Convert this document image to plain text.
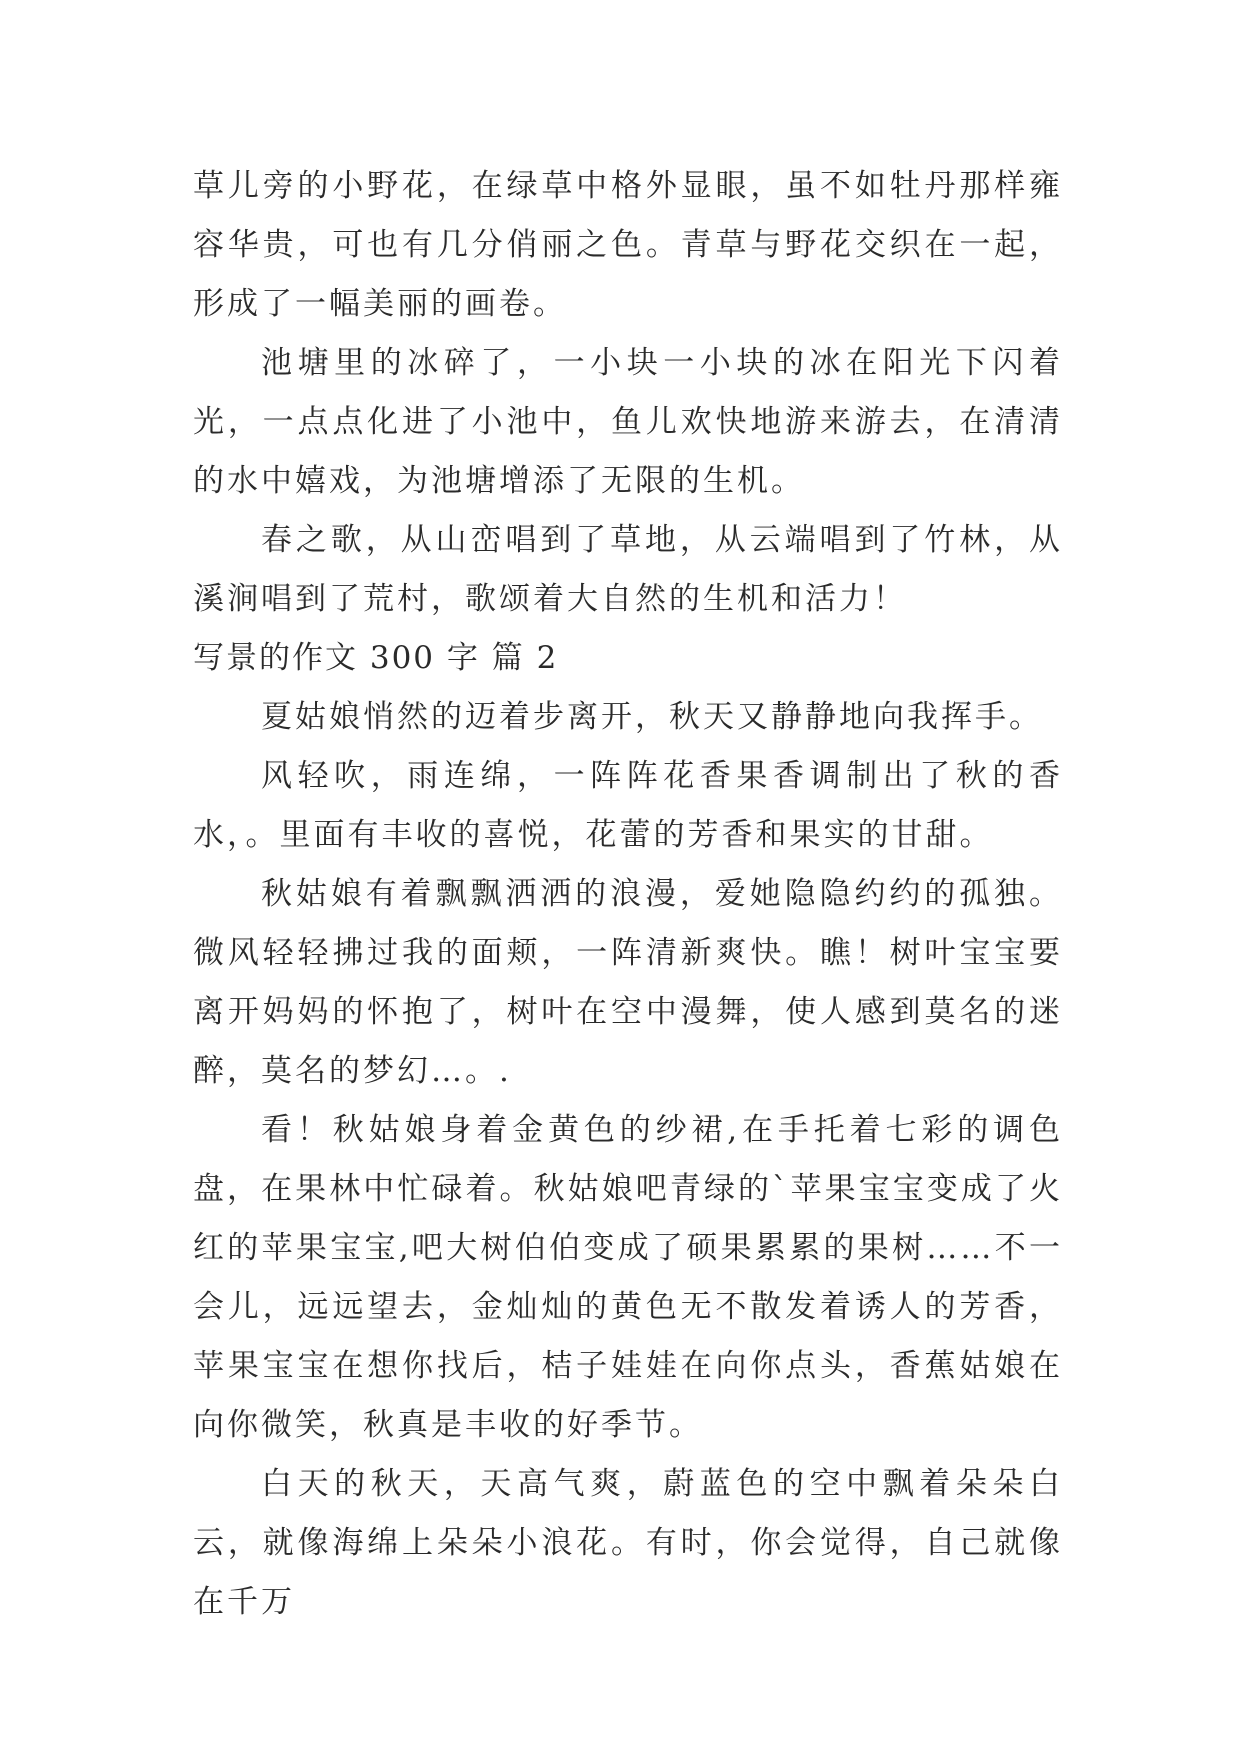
草儿旁的小野花，在绿草中格外显眼，虽不如牡丹那样雍容华贵，可也有几分俏丽之色。青草与野花交织在一起，形成了一幅美丽的画卷。

池塘里的冰碎了，一小块一小块的冰在阳光下闪着光，一点点化进了小池中，鱼儿欢快地游来游去，在清清的水中嬉戏，为池塘增添了无限的生机。

春之歌，从山峦唱到了草地，从云端唱到了竹林，从溪涧唱到了荒村，歌颂着大自然的生机和活力！

写景的作文 300 字 篇 2

夏姑娘悄然的迈着步离开，秋天又静静地向我挥手。

风轻吹，雨连绵，一阵阵花香果香调制出了秋的香水，。里面有丰收的喜悦，花蕾的芳香和果实的甘甜。

秋姑娘有着飘飘洒洒的浪漫，爱她隐隐约约的孤独。微风轻轻拂过我的面颊，一阵清新爽快。瞧！树叶宝宝要离开妈妈的怀抱了，树叶在空中漫舞，使人感到莫名的迷醉，莫名的梦幻…。.

看！秋姑娘身着金黄色的纱裙,在手托着七彩的调色盘，在果林中忙碌着。秋姑娘吧青绿的`苹果宝宝变成了火红的苹果宝宝,吧大树伯伯变成了硕果累累的果树……不一会儿，远远望去，金灿灿的黄色无不散发着诱人的芳香，苹果宝宝在想你找后，桔子娃娃在向你点头，香蕉姑娘在向你微笑，秋真是丰收的好季节。

白天的秋天，天高气爽，蔚蓝色的空中飘着朵朵白云，就像海绵上朵朵小浪花。有时，你会觉得，自己就像在千万
